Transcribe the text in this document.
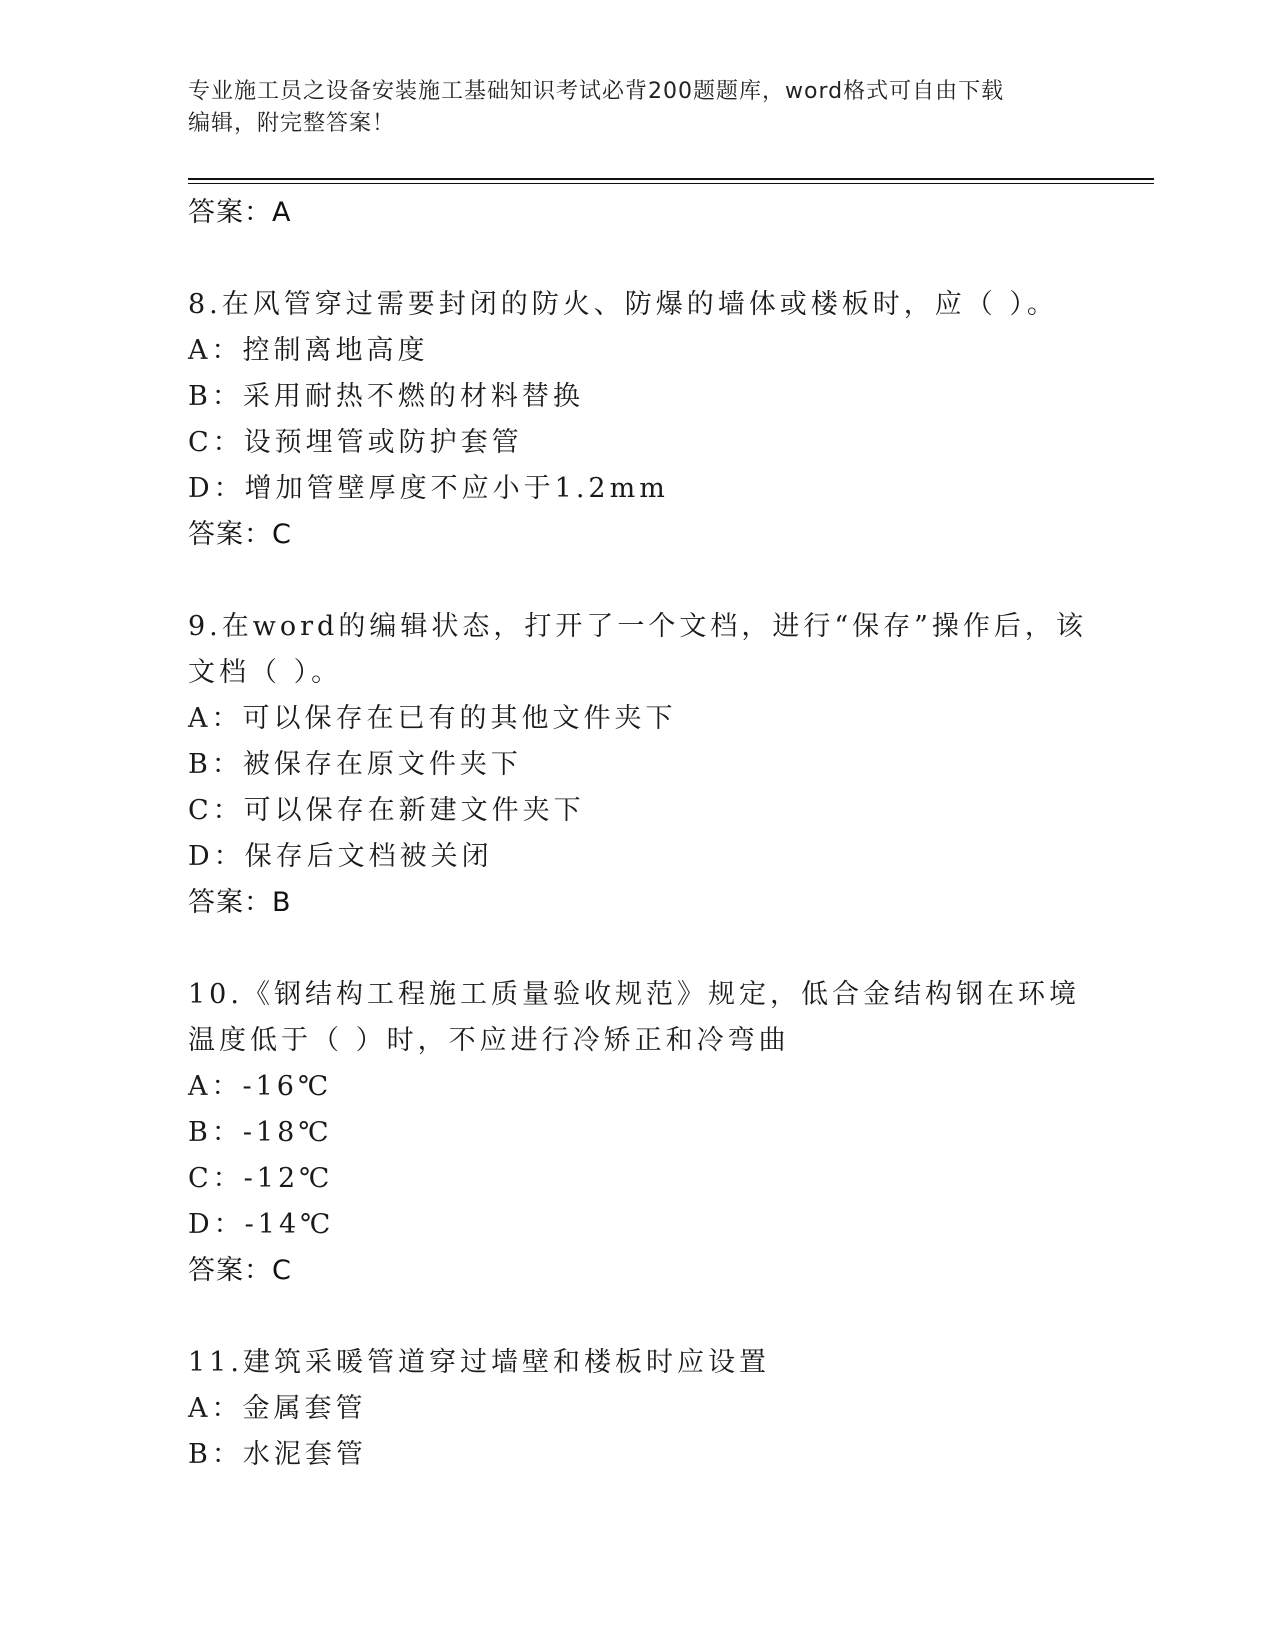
专业施工员之设备安装施工基础知识考试必背200题题库，word格式可自由下载
编辑，附完整答案！
答案：A
8.在风管穿过需要封闭的防火、防爆的墙体或楼板时，应（ ）。
A：控制离地高度
B：采用耐热不燃的材料替换
C：设预埋管或防护套管
D：增加管壁厚度不应小于1.2mm
答案：C
9.在word的编辑状态，打开了一个文档，进行“保存”操作后，该文档（ ）。
A：可以保存在已有的其他文件夹下
B：被保存在原文件夹下
C：可以保存在新建文件夹下
D：保存后文档被关闭
答案：B
10.《钢结构工程施工质量验收规范》规定，低合金结构钢在环境温度低于（ ）时，不应进行冷矫正和冷弯曲
A：-16℃
B：-18℃
C：-12℃
D：-14℃
答案：C
11.建筑采暖管道穿过墙壁和楼板时应设置
A：金属套管
B：水泥套管
